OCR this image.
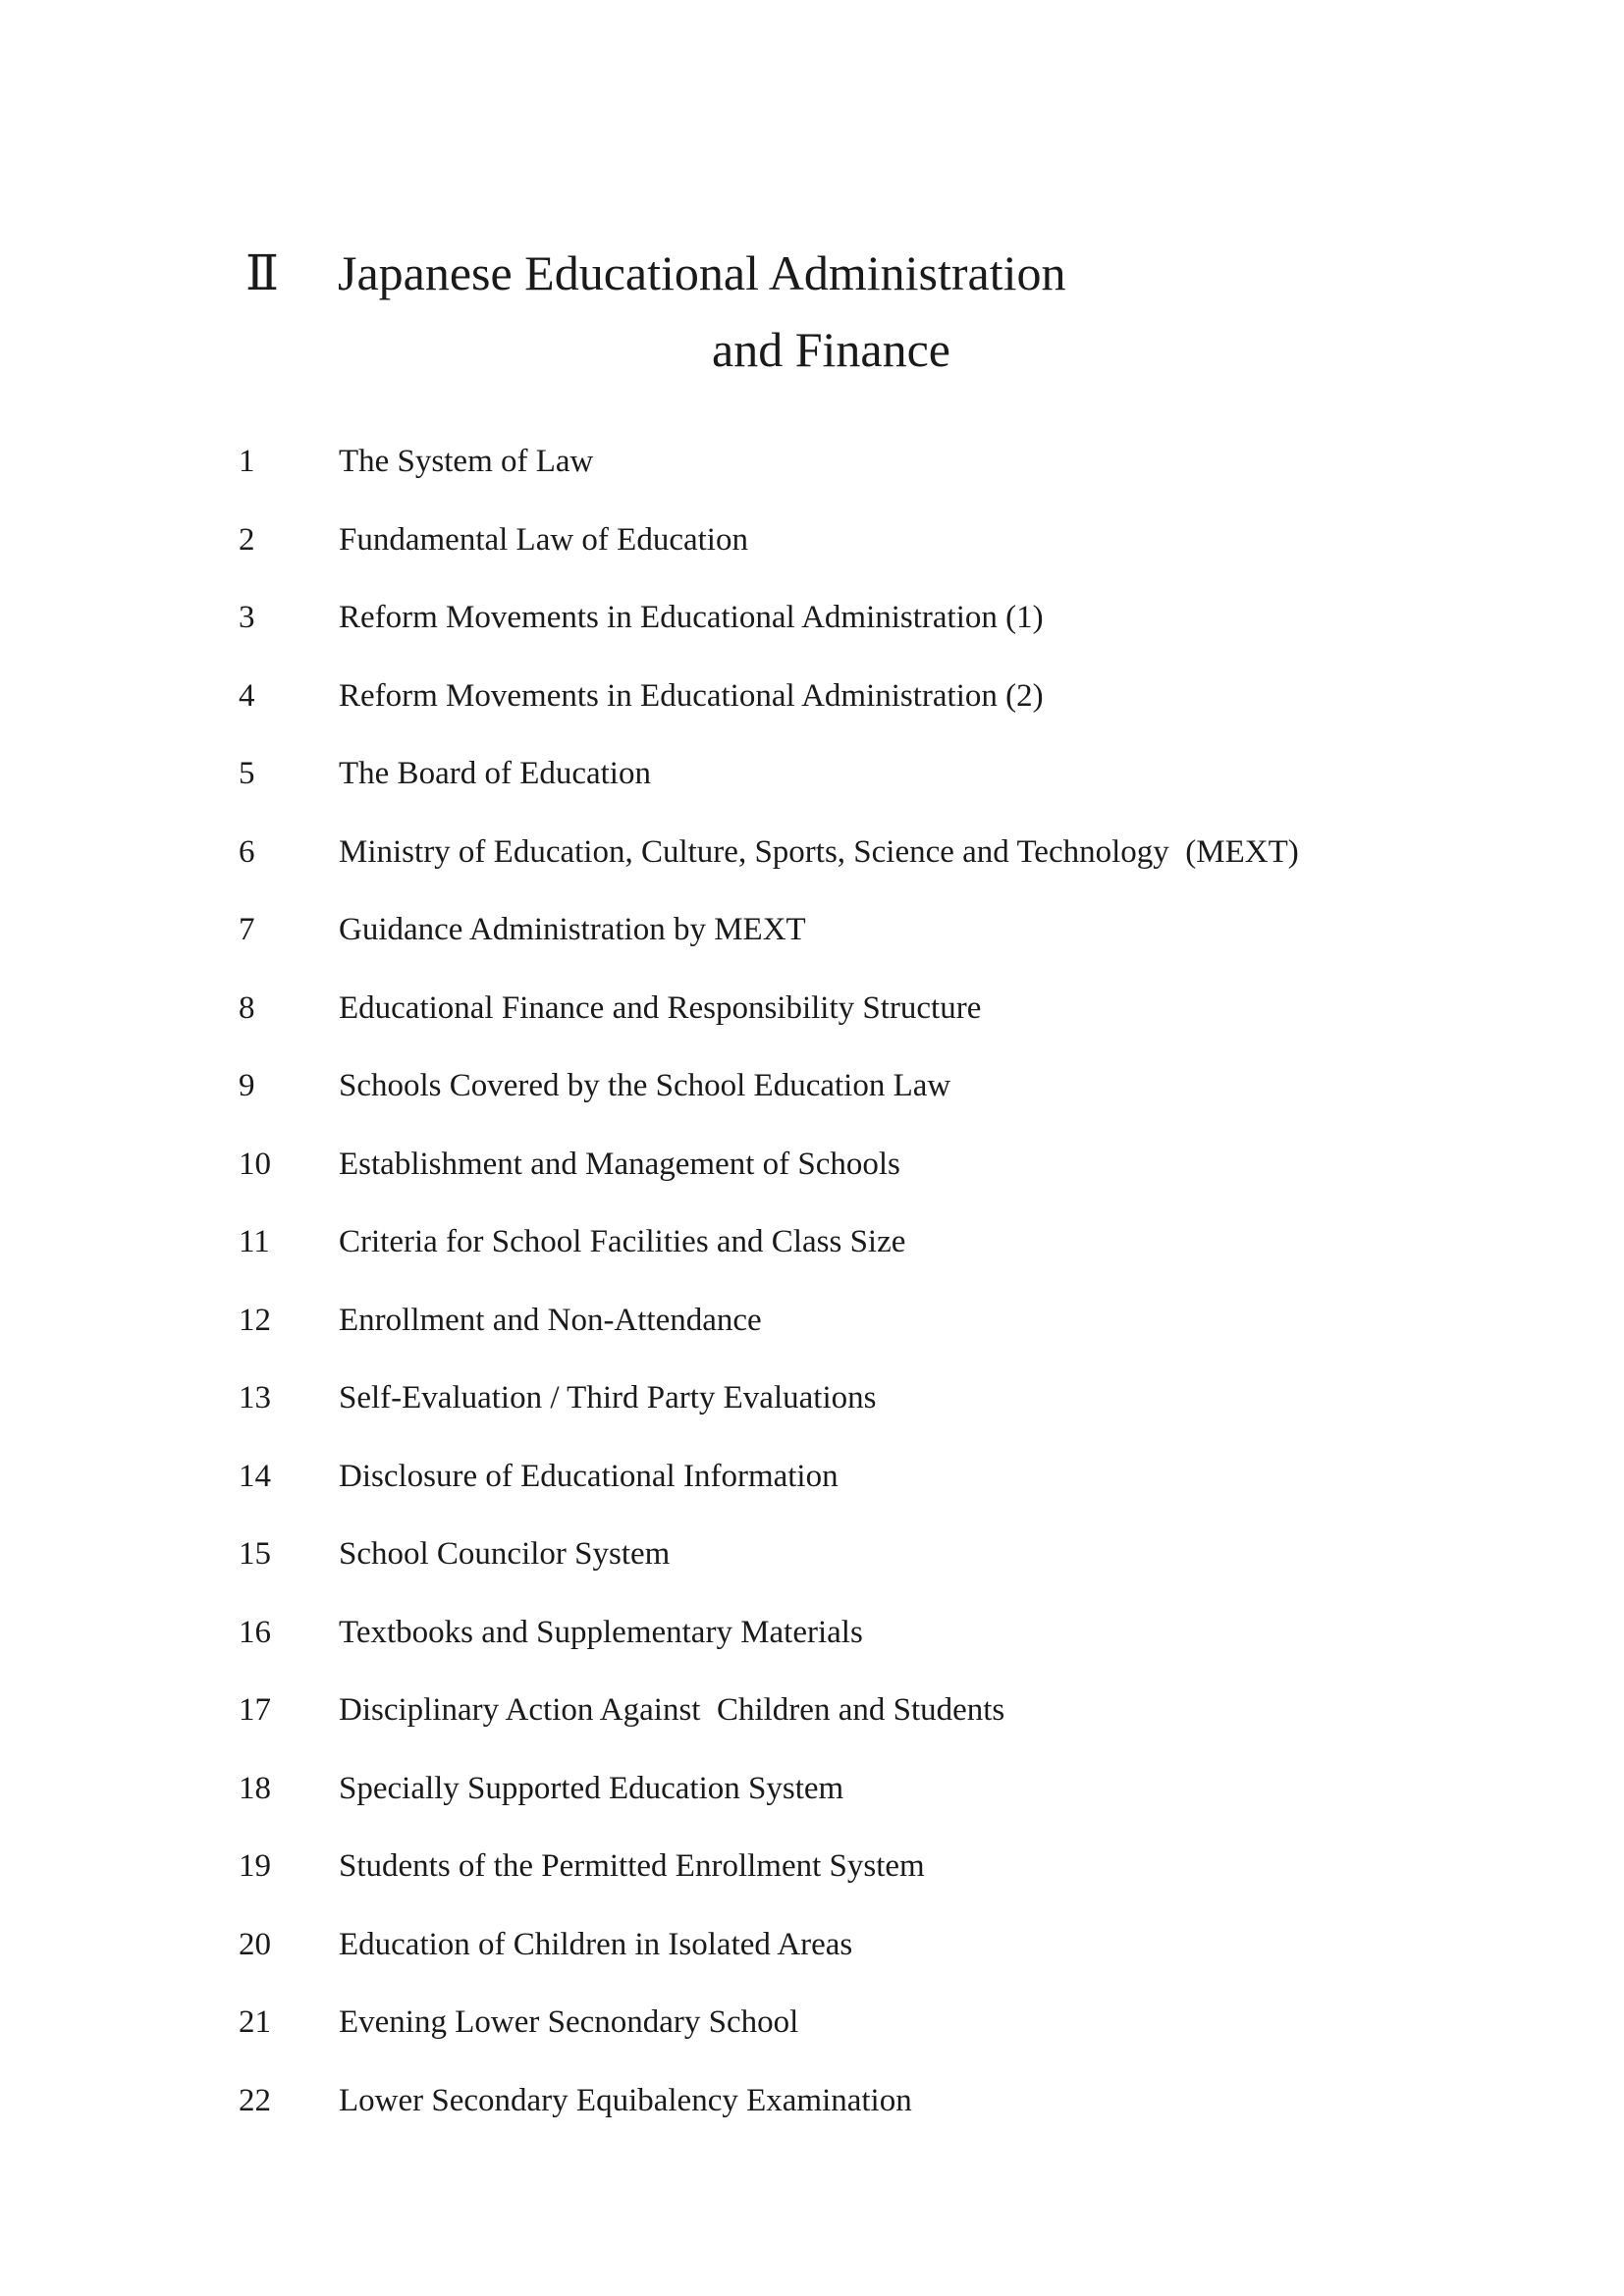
Ⅱ Japanese Educational Administration
and Finance
1	The System of Law
2	Fundamental Law of Education
3	Reform Movements in Educational Administration (1)
4	Reform Movements in Educational Administration (2)
5	The Board of Education
6	Ministry of Education, Culture, Sports, Science and Technology  (MEXT)
7	Guidance Administration by MEXT
8	Educational Finance and Responsibility Structure
9	Schools Covered by the School Education Law
10	Establishment and Management of Schools
11	Criteria for School Facilities and Class Size
12	Enrollment and Non-Attendance
13	Self-Evaluation / Third Party Evaluations
14	Disclosure of Educational Information
15	School Councilor System
16	Textbooks and Supplementary Materials
17	Disciplinary Action Against  Children and Students
18	Specially Supported Education System
19	Students of the Permitted Enrollment System
20	Education of Children in Isolated Areas
21	Evening Lower Secnondary School
22	Lower Secondary Equibalency Examination
